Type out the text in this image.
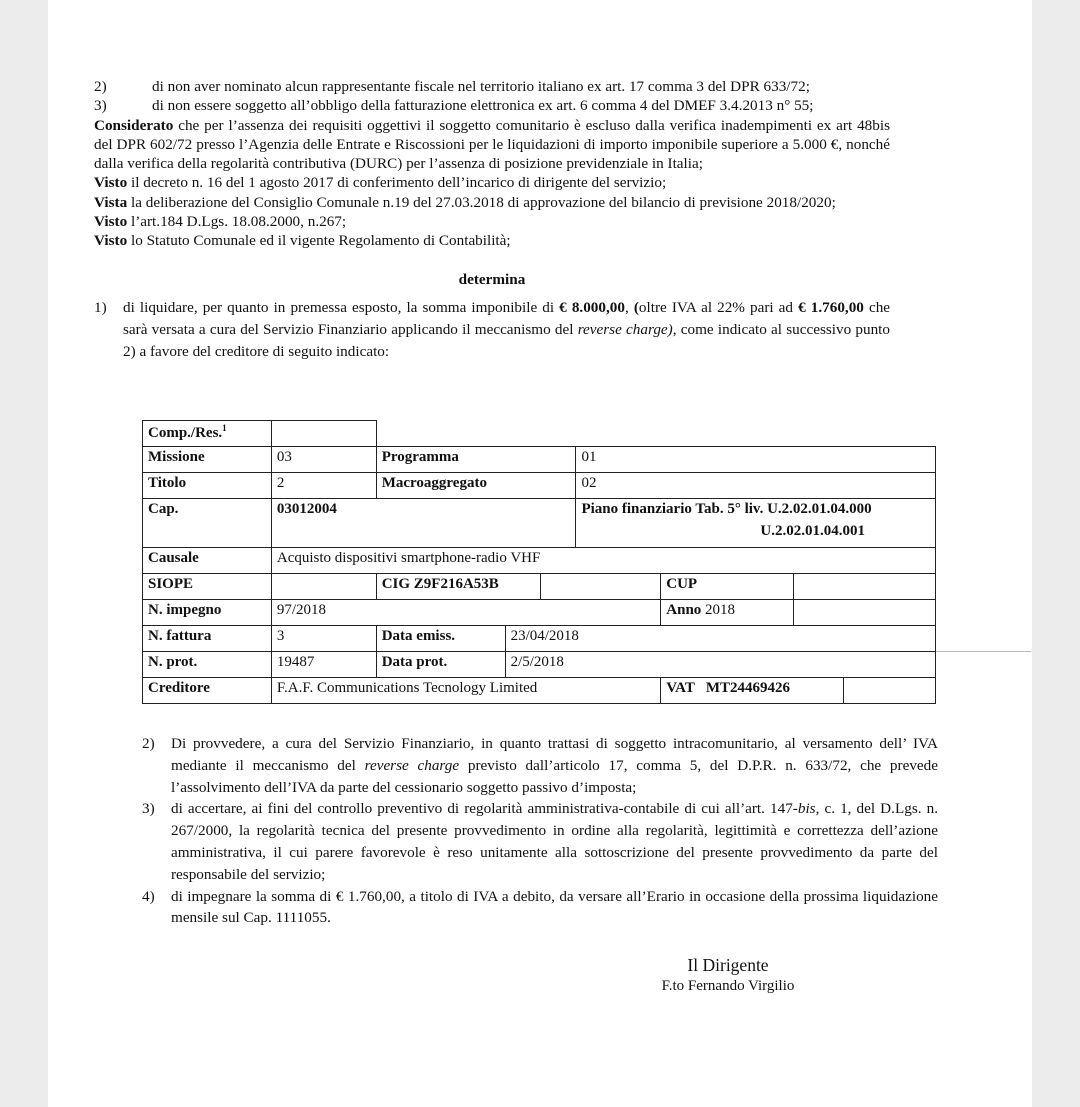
2)	di non aver nominato alcun rappresentante fiscale nel territorio italiano ex art. 17 comma 3 del DPR 633/72;
3)	di non essere soggetto all’obbligo della fatturazione elettronica ex art. 6 comma 4 del DMEF 3.4.2013 n° 55;

Considerato che per l’assenza dei requisiti oggettivi il soggetto comunitario è escluso dalla verifica inadempimenti ex art 48bis del DPR 602/72 presso l’Agenzia delle Entrate e Riscossioni per le liquidazioni di importo imponibile superiore a 5.000 €, nonché dalla verifica della regolarità contributiva (DURC) per l’assenza di posizione previdenziale in Italia;

Visto il decreto n. 16 del 1 agosto 2017 di conferimento dell’incarico di dirigente del servizio;

Vista la deliberazione del Consiglio Comunale n.19 del 27.03.2018 di approvazione del bilancio di previsione 2018/2020;

Visto l’art.184 D.Lgs. 18.08.2000, n.267;

Visto lo Statuto Comunale ed il vigente Regolamento di Contabilità;

determina

1)	di liquidare, per quanto in premessa esposto, la somma imponibile di € 8.000,00, (oltre IVA al 22% pari ad € 1.760,00 che sarà versata a cura del Servizio Finanziario applicando il meccanismo del reverse charge), come indicato al successivo punto 2) a favore del creditore di seguito indicato:
Comp./Res.$^1$		
Missione	03	Programma			01			
Titolo	2	Macroaggregato			02			
Cap.	03012004				Piano finanziario Tab. 5° liv. U.2.02.01.04.000
U.2.02.01.04.001			

Causale	Acquisto dispositivi smartphone-radio VHF							
SIOPE		CIG Z9F216A53B				CUP		
N. impegno	97/2018					Anno 2018		
N. fattura	3	Data emiss.	23/04/2018					
N. prot.	19487	Data prot.	2/5/2018					
Creditore	F.A.F. Communications Tecnology Limited					VAT   MT24469426		
2)	Di provvedere, a cura del Servizio Finanziario, in quanto trattasi di soggetto intracomunitario, al versamento dell’ IVA mediante il meccanismo del reverse charge previsto dall’articolo 17, comma 5, del D.P.R. n. 633/72, che prevede l’assolvimento dell’IVA da parte del cessionario soggetto passivo d’imposta;
3)	di accertare, ai fini del controllo preventivo di regolarità amministrativa-contabile di cui all’art. 147-bis, c. 1, del D.Lgs. n. 267/2000, la regolarità tecnica del presente provvedimento in ordine alla regolarità, legittimità e correttezza dell’azione amministrativa, il cui parere favorevole è reso unitamente alla sottoscrizione del presente provvedimento da parte del responsabile del servizio;
4)	di impegnare la somma di € 1.760,00, a titolo di IVA a debito, da versare all’Erario in occasione della prossima liquidazione mensile sul Cap. 1111055.
Il Dirigente
F.to Fernando Virgilio
